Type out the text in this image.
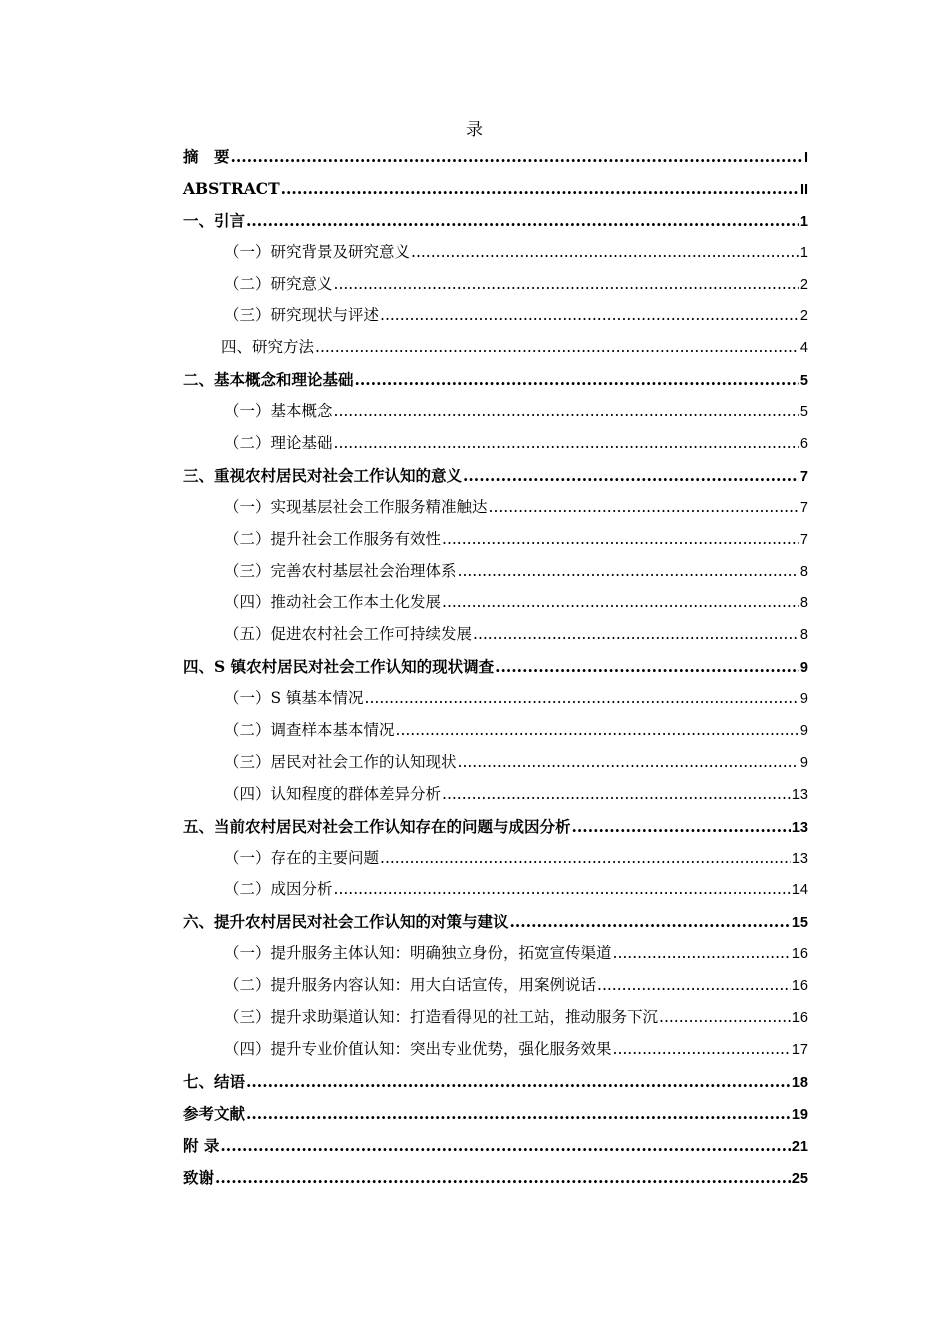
录
摘　要 .....	I
ABSTRACT .....	II
一、引言 .....	1
（一）研究背景及研究意义 .....	1
（二）研究意义 .....	2
（三）研究现状与评述 .....	2
四、研究方法 .....	4
二、基本概念和理论基础 .....	5
（一）基本概念 .....	5
（二）理论基础 .....	6
三、重视农村居民对社会工作认知的意义 .....	7
（一）实现基层社会工作服务精准触达 .....	7
（二）提升社会工作服务有效性 .....	7
（三）完善农村基层社会治理体系 .....	8
（四）推动社会工作本土化发展 .....	8
（五）促进农村社会工作可持续发展 .....	8
四、S 镇农村居民对社会工作认知的现状调查 .....	9
（一）S 镇基本情况 .....	9
（二）调查样本基本情况 .....	9
（三）居民对社会工作的认知现状 .....	9
（四）认知程度的群体差异分析 .....	13
五、当前农村居民对社会工作认知存在的问题与成因分析 .....	13
（一）存在的主要问题 .....	13
（二）成因分析 .....	14
六、提升农村居民对社会工作认知的对策与建议 .....	15
（一）提升服务主体认知：明确独立身份，拓宽宣传渠道 .....	16
（二）提升服务内容认知：用大白话宣传，用案例说话 .....	16
（三）提升求助渠道认知：打造看得见的社工站，推动服务下沉 .....	16
（四）提升专业价值认知：突出专业优势，强化服务效果 .....	17
七、结语 .....	18
参考文献 .....	19
附 录 .....	21
致谢 .....	25
